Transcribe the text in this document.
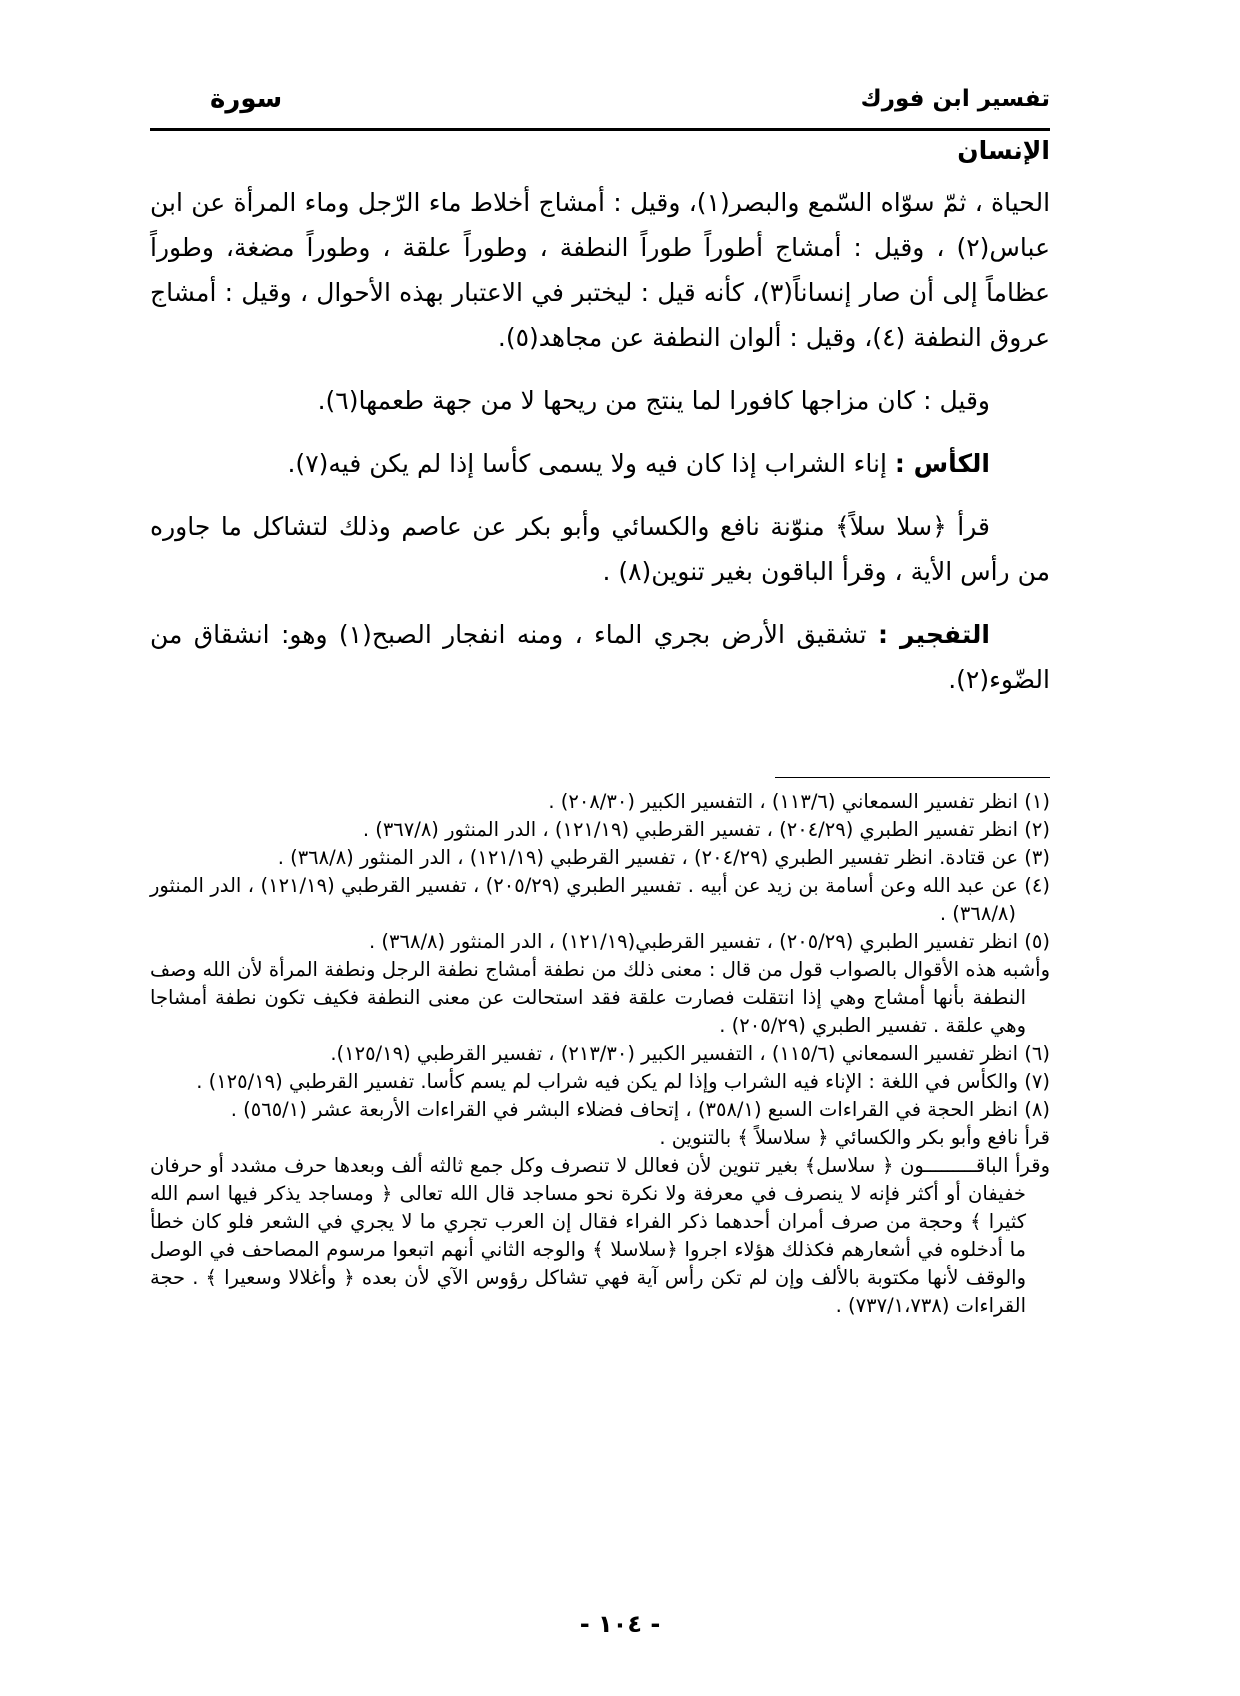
تفسير ابن فورك
سورة
الإنسان

الحياة ، ثمّ سوّاه السّمع والبصر(١)، وقيل : أمشاج أخلاط ماء الرّجل وماء المرأة عن ابن عباس(٢) ، وقيل : أمشاج أطوراً طوراً النطفة ، وطوراً علقة ، وطوراً مضغة، وطوراً عظاماً إلى أن صار إنساناً(٣)، كأنه قيل : ليختبر في الاعتبار بهذه الأحوال ، وقيل : أمشاج عروق النطفة (٤)، وقيل : ألوان النطفة عن مجاهد(٥).

وقيل : كان مزاجها كافورا لما ينتج من ريحها لا من جهة طعمها(٦).

الكأس : إناء الشراب إذا كان فيه ولا يسمى كأسا إذا لم يكن فيه(٧).

قرأ ﴿سلا سلاً﴾ منوّنة نافع والكسائي وأبو بكر عن عاصم وذلك لتشاكل ما جاوره من رأس الأية ، وقرأ الباقون بغير تنوين(٨) .

التفجير : تشقيق الأرض بجري الماء ، ومنه انفجار الصبح(١) وهو: انشقاق من الضّوء(٢).

(١) انظر تفسير السمعاني (١١٣/٦) ، التفسير الكبير (٢٠٨/٣٠) .

(٢) انظر تفسير الطبري (٢٠٤/٢٩) ، تفسير القرطبي (١٢١/١٩) ، الدر المنثور (٣٦٧/٨) .

(٣) عن قتادة. انظر تفسير الطبري (٢٠٤/٢٩) ، تفسير القرطبي (١٢١/١٩) ، الدر المنثور (٣٦٨/٨) .

(٤) عن عبد الله وعن أسامة بن زيد عن أبيه . تفسير الطبري (٢٠٥/٢٩) ، تفسير القرطبي (١٢١/١٩) ، الدر المنثور (٣٦٨/٨) .

(٥) انظر تفسير الطبري (٢٠٥/٢٩) ، تفسير القرطبي(١٢١/١٩) ، الدر المنثور (٣٦٨/٨) .

وأشبه هذه الأقوال بالصواب قول من قال : معنى ذلك من نطفة أمشاج نطفة الرجل ونطفة المرأة لأن الله وصف النطفة بأنها أمشاج وهي إذا انتقلت فصارت علقة فقد استحالت عن معنى النطفة فكيف تكون نطفة أمشاجا وهي علقة . تفسير الطبري (٢٠٥/٢٩) .

(٦) انظر تفسير السمعاني (١١٥/٦) ، التفسير الكبير (٢١٣/٣٠) ، تفسير القرطبي (١٢٥/١٩).

(٧) والكأس في اللغة : الإناء فيه الشراب وإذا لم يكن فيه شراب لم يسم كأسا. تفسير القرطبي (١٢٥/١٩) .

(٨) انظر الحجة في القراءات السبع (٣٥٨/١) ، إتحاف فضلاء البشر في القراءات الأربعة عشر (٥٦٥/١) .

قرأ نافع وأبو بكر والكسائي ﴿ سلاسلاً ﴾ بالتنوين .

وقرأ الباقـــــــــون ﴿ سلاسل﴾ بغير تنوين لأن فعالل لا تنصرف وكل جمع ثالثه ألف وبعدها حرف مشدد أو حرفان خفيفان أو أكثر فإنه لا ينصرف في معرفة ولا نكرة نحو مساجد قال الله تعالى ﴿ ومساجد يذكر فيها اسم الله كثيرا ﴾ وحجة من صرف أمران أحدهما ذكر الفراء فقال إن العرب تجري ما لا يجري في الشعر فلو كان خطأ ما أدخلوه في أشعارهم فكذلك هؤلاء اجروا ﴿سلاسلا ﴾ والوجه الثاني أنهم اتبعوا مرسوم المصاحف في الوصل والوقف لأنها مكتوبة بالألف وإن لم تكن رأس آية فهي تشاكل رؤوس الآي لأن بعده ﴿ وأغلالا وسعيرا ﴾ . حجة القراءات (٧٣٧/١،٧٣٨) .

- ١٠٤ -
